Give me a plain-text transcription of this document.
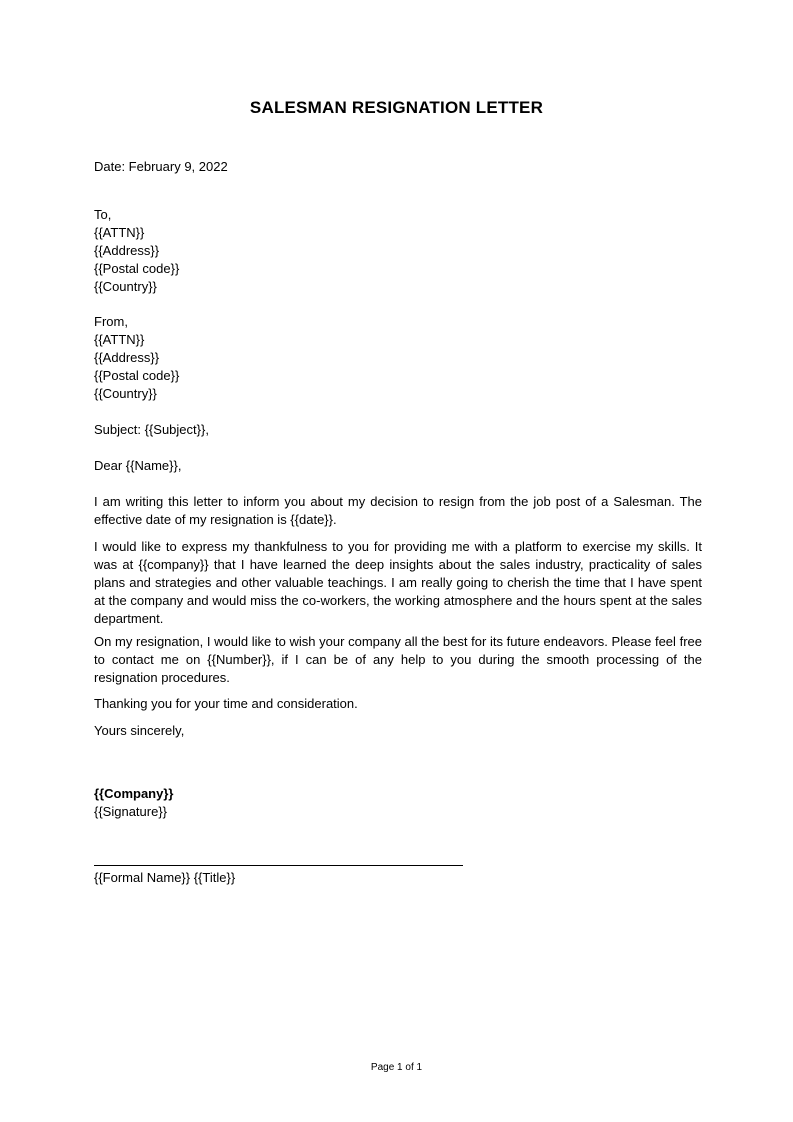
SALESMAN RESIGNATION LETTER
Date: February 9, 2022
To,
{{ATTN}}
{{Address}}
{{Postal code}}
{{Country}}
From,
{{ATTN}}
{{Address}}
{{Postal code}}
{{Country}}
Subject: {{Subject}},
Dear {{Name}},

I am writing this letter to inform you about my decision to resign from the job post of a Salesman. The effective date of my resignation is {{date}}.

I would like to express my thankfulness to you for providing me with a platform to exercise my skills. It was at {{company}} that I have learned the deep insights about the sales industry, practicality of sales plans and strategies and other valuable teachings. I am really going to cherish the time that I have spent at the company and would miss the co-workers, the working atmosphere and the hours spent at the sales department.

On my resignation, I would like to wish your company all the best for its future endeavors. Please feel free to contact me on {{Number}}, if I can be of any help to you during the smooth processing of the resignation procedures.

Thanking you for your time and consideration.

Yours sincerely,
{{Company}}
{{Signature}}
{{Formal Name}} {{Title}}
Page 1 of 1
